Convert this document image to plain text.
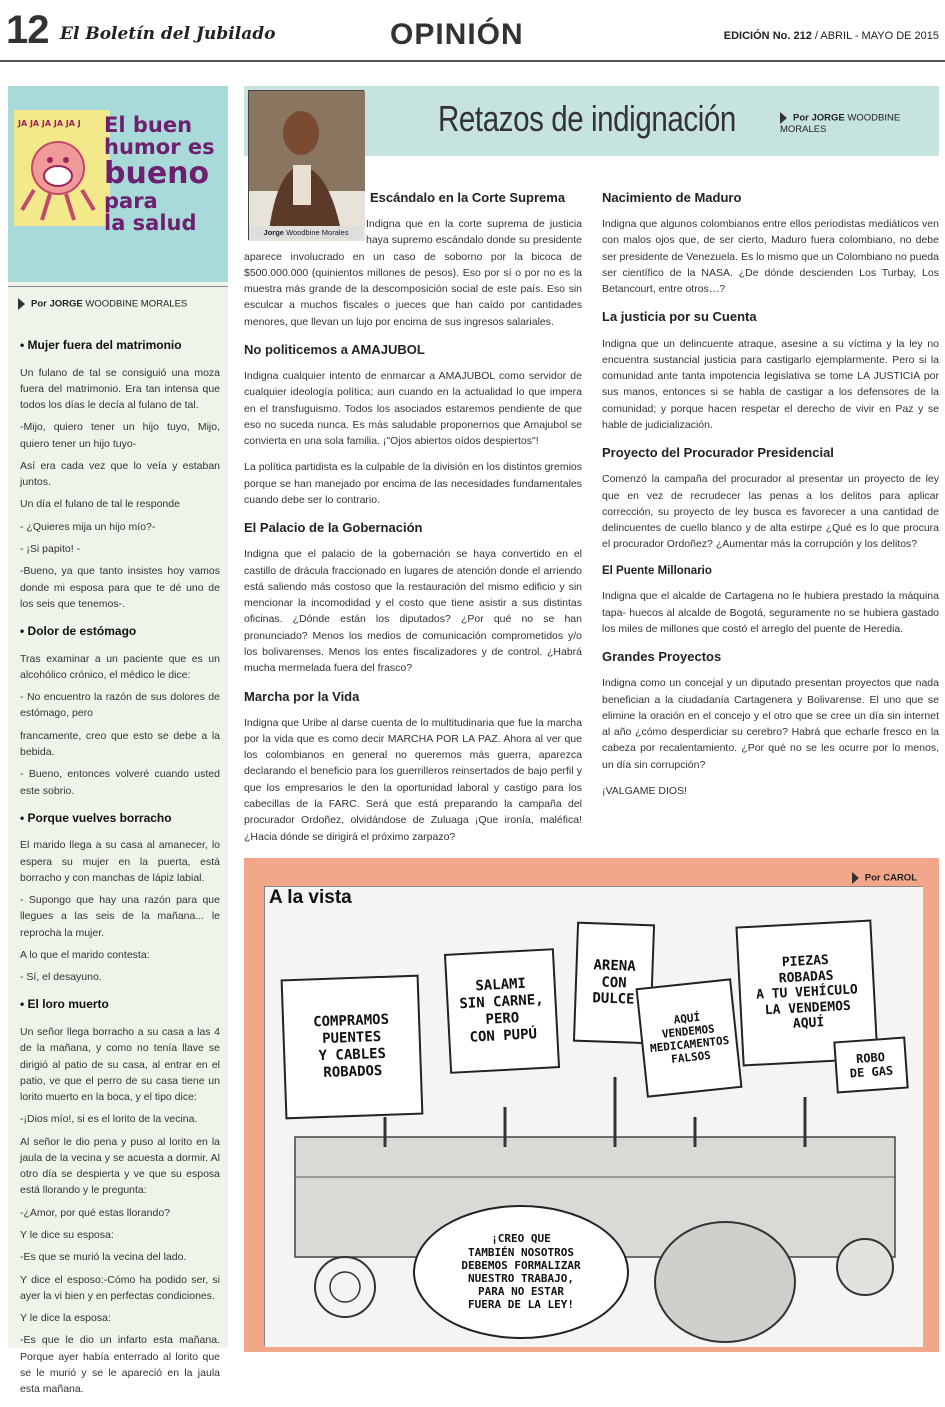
12 El Boletín del Jubilado	OPINIÓN	EDICIÓN No. 212 / ABRIL - MAYO DE 2015
JA JA JA JA JA J El buen
humor es
bueno
para
la salud
Por JORGE WOODBINE MORALES
• Mujer fuera del matrimonio

Un fulano de tal se consiguió una moza fuera del matrimonio. Era tan intensa que todos los días le decía al fulano de tal.

-Mijo, quiero tener un hijo tuyo, Mijo, quiero tener un hijo tuyo-

Así era cada vez que lo veía y estaban juntos.

Un día el fulano de tal le responde

- ¿Quieres mija un hijo mío?-

- ¡Si papito! -

-Bueno, ya que tanto insistes hoy vamos donde mi esposa para que te dé uno de los seis que tenemos-.

• Dolor de estómago

Tras examinar a un paciente que es un alcohólico crónico, el médico le dice:

- No encuentro la razón de sus dolores de estómago, pero

francamente, creo que esto se debe a la bebida.

- Bueno, entonces volveré cuando usted este sobrio.

• Porque vuelves borracho

El marido llega a su casa al amanecer, lo espera su mujer en la puerta, está borracho y con manchas de lápiz labial.

- Supongo que hay una razón para que llegues a las seis de la mañana... le reprocha la mujer.

A lo que el marido contesta:

- Sí, el desayuno.

• El loro muerto

Un señor llega borracho a su casa a las 4 de la mañana, y como no tenía llave se dirigió al patio de su casa, al entrar en el patio, ve que el perro de su casa tiene un lorito muerto en la boca, y el tipo dice:

-¡Dios mío!, si es el lorito de la vecina.

Al señor le dio pena y puso al lorito en la jaula de la vecina y se acuesta a dormir. Al otro día se despierta y ve que su esposa está llorando y le pregunta:

-¿Amor, por qué estas llorando?

Y le dice su esposa:

-Es que se murió la vecina del lado.

Y dice el esposo:-Cómo ha podido ser, si ayer la vi bien y en perfectas condiciones.

Y le dice la esposa:

-Es que le dio un infarto esta mañana. Porque ayer había enterrado al lorito que se le murió y se le apareció en la jaula esta mañana.

Jorge Woodbine Morales
Retazos de indignación	Por JORGE WOODBINE MORALES
Escándalo en la Corte Suprema

Indigna que en la corte suprema de justicia haya supremo escándalo donde su presidente aparece involucrado en un caso de soborno por la bicoca de $500.000.000 (quinientos millones de pesos). Eso por sí o por no es la muestra más grande de la descomposición social de este país. Eso sin esculcar a muchos fiscales o jueces que han caído por cantidades menores, que llevan un lujo por encima de sus ingresos salariales.

No politicemos a AMAJUBOL

Indigna cualquier intento de enmarcar a AMAJUBOL como servidor de cualquier ideología política; aun cuando en la actualidad lo que impera en el transfuguismo. Todos los asociados estaremos pendiente de que eso no suceda nunca. Es más saludable proponernos que Amajubol se convierta en una sola familia. ¡"Ojos abiertos oídos despiertos"!

La política partidista es la culpable de la división en los distintos gremios porque se han manejado por encima de las necesidades fundamentales cuando debe ser lo contrario.

El Palacio de la Gobernación

Indigna que el palacio de la gobernación se haya convertido en el castillo de drácula fraccionado en lugares de atención donde el arriendo está saliendo más costoso que la restauración del mismo edificio y sin mencionar la incomodidad y el costo que tiene asistir a sus distintas oficinas. ¿Dónde están los diputados? ¿Por qué no se han pronunciado? Menos los medios de comunicación comprometidos y/o los bolivarenses. Menos los entes fiscalizadores y de control. ¿Habrá mucha mermelada fuera del frasco?

Marcha por la Vida

Indigna que Uribe al darse cuenta de lo multitudinaria que fue la marcha por la vida que es como decir MARCHA POR LA PAZ. Ahora al ver que los colombianos en general no queremos más guerra, aparezca declarando el beneficio para los guerrilleros reinsertados de bajo perfil y que los empresarios le den la oportunidad laboral y castigo para los cabecillas de la FARC. Será que está preparando la campaña del procurador Ordoñez, olvidándose de Zuluaga ¡Que ironía, maléfica! ¿Hacia dónde se dirigirá el próximo zarpazo?

Nacimiento de Maduro

Indigna que algunos colombianos entre ellos periodistas mediáticos ven con malos ojos que, de ser cierto, Maduro fuera colombiano, no debe ser presidente de Venezuela. Es lo mismo que un Colombiano no pueda ser científico de la NASA. ¿De dónde descienden Los Turbay, Los Betancourt, entre otros…?

La justicia por su Cuenta

Indigna que un delincuente atraque, asesine a su víctima y la ley no encuentra sustancial justicia para castigarlo ejemplarmente. Pero si la comunidad ante tanta impotencia legislativa se tome LA JUSTICIA por sus manos, entonces si se habla de castigar a los defensores de la comunidad; y porque hacen respetar el derecho de vivir en Paz y se hable de judicialización.

Proyecto del Procurador Presidencial

Comenzó la campaña del procurador al presentar un proyecto de ley que en vez de recrudecer las penas a los delitos para aplicar corrección, su proyecto de ley busca es favorecer a una cantidad de delincuentes de cuello blanco y de alta estirpe ¿Qué es lo que procura el procurador Ordoñez? ¿Aumentar más la corrupción y los delitos?

El Puente Millonario

Indigna que el alcalde de Cartagena no le hubiera prestado la máquina tapa- huecos al alcalde de Bogotá, seguramente no se hubiera gastado los miles de millones que costó el arreglo del puente de Heredia.

Grandes Proyectos

Indigna como un concejal y un diputado presentan proyectos que nada benefician a la ciudadanía Cartagenera y Bolivarense. El uno que se elimine la oración en el concejo y el otro que se cree un día sin internet al año ¿cómo desperdiciar su cerebro? Habrá que echarle fresco en la cabeza por recalentamiento. ¿Por qué no se les ocurre por lo menos, un día sin corrupción?

¡VALGAME DIOS!

Por CAROL
A la vista
COMPRAMOS
PUENTES
Y CABLES
ROBADOS
SALAMI
SIN CARNE,
PERO
CON PUPÚ
ARENA
CON
DULCE
AQUÍ
VENDEMOS
MEDICAMENTOS
FALSOS
PIEZAS
ROBADAS
A TU VEHÍCULO
LA VENDEMOS
AQUÍ
ROBO
DE GAS
¡CREO QUE
TAMBIÉN NOSOTROS
DEBEMOS FORMALIZAR
NUESTRO TRABAJO,
PARA NO ESTAR
FUERA DE LA LEY!
